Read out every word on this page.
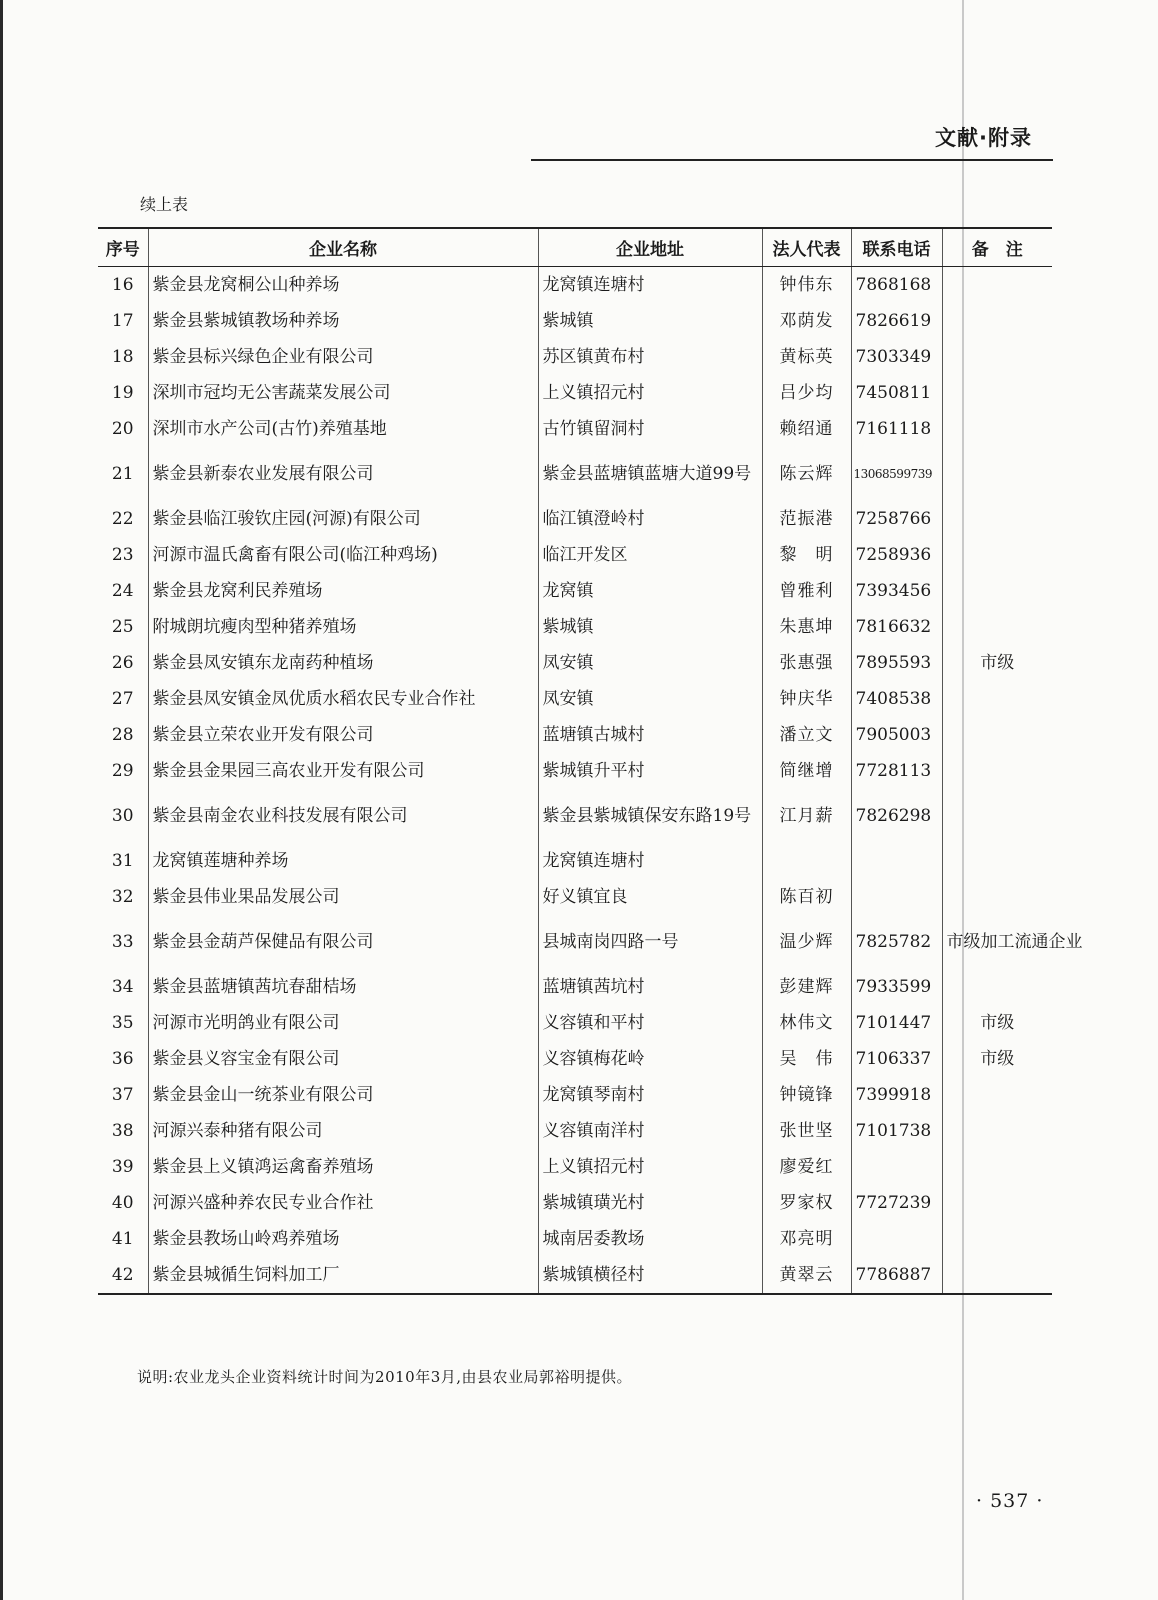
文献·附录
续上表
序号	企业名称	企业地址	法人代表	联系电话	备　注
16	紫金县龙窝桐公山种养场	龙窝镇连塘村	钟伟东	7868168	
17	紫金县紫城镇教场种养场	紫城镇	邓荫发	7826619	
18	紫金县标兴绿色企业有限公司	苏区镇黄布村	黄标英	7303349	
19	深圳市冠均无公害蔬菜发展公司	上义镇招元村	吕少均	7450811	
20	深圳市水产公司(古竹)养殖基地	古竹镇留洞村	赖绍通	7161118	
21	紫金县新泰农业发展有限公司	紫金县蓝塘镇蓝塘大道99号	陈云辉	13068599739	
22	紫金县临江骏钦庄园(河源)有限公司	临江镇澄岭村	范振港	7258766	
23	河源市温氏禽畜有限公司(临江种鸡场)	临江开发区	黎　明	7258936	
24	紫金县龙窝利民养殖场	龙窝镇	曾雅利	7393456	
25	附城朗坑瘦肉型种猪养殖场	紫城镇	朱惠坤	7816632	
26	紫金县凤安镇东龙南药种植场	凤安镇	张惠强	7895593	市级
27	紫金县凤安镇金凤优质水稻农民专业合作社	凤安镇	钟庆华	7408538	
28	紫金县立荣农业开发有限公司	蓝塘镇古城村	潘立文	7905003	
29	紫金县金果园三高农业开发有限公司	紫城镇升平村	简继增	7728113	
30	紫金县南金农业科技发展有限公司	紫金县紫城镇保安东路19号	江月薪	7826298	
31	龙窝镇莲塘种养场	龙窝镇连塘村			
32	紫金县伟业果品发展公司	好义镇宜良	陈百初		
33	紫金县金葫芦保健品有限公司	县城南岗四路一号	温少辉	7825782	市级加工流通企业
34	紫金县蓝塘镇茜坑春甜桔场	蓝塘镇茜坑村	彭建辉	7933599	
35	河源市光明鸽业有限公司	义容镇和平村	林伟文	7101447	市级
36	紫金县义容宝金有限公司	义容镇梅花岭	吴　伟	7106337	市级
37	紫金县金山一统茶业有限公司	龙窝镇琴南村	钟镜锋	7399918	
38	河源兴泰种猪有限公司	义容镇南洋村	张世坚	7101738	
39	紫金县上义镇鸿运禽畜养殖场	上义镇招元村	廖爱红		
40	河源兴盛种养农民专业合作社	紫城镇璜光村	罗家权	7727239	
41	紫金县教场山岭鸡养殖场	城南居委教场	邓亮明		
42	紫金县城循生饲料加工厂	紫城镇横径村	黄翠云	7786887	
说明:农业龙头企业资料统计时间为2010年3月,由县农业局郭裕明提供。
· 537 ·
